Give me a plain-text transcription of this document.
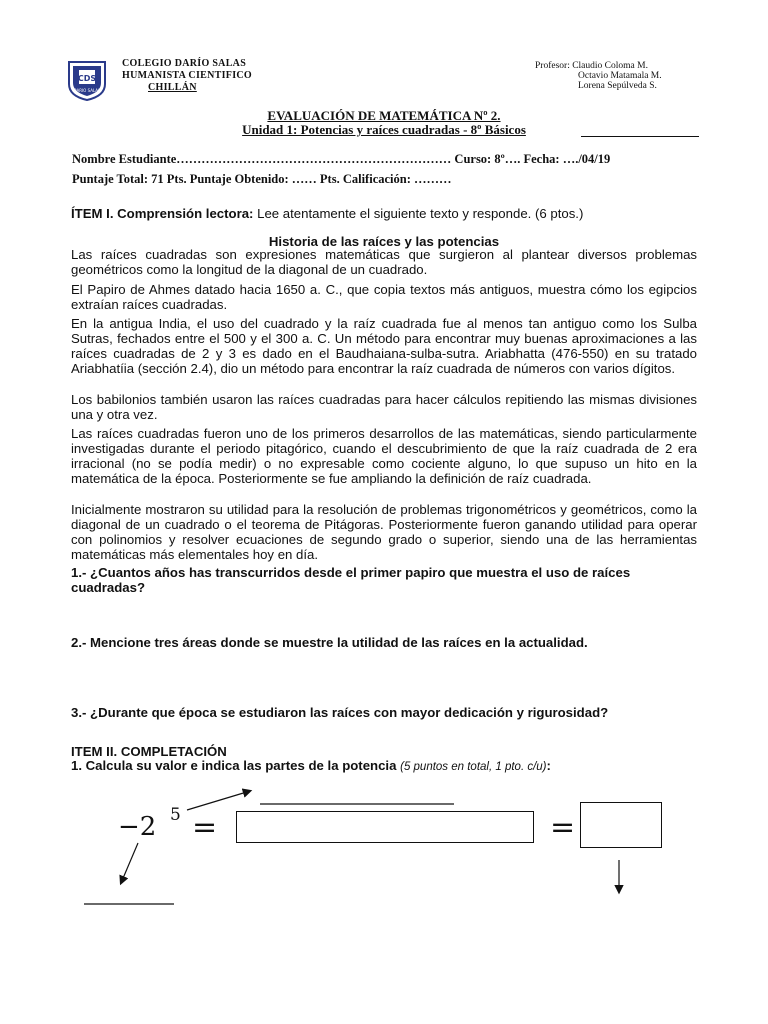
CDS
DARIO SALAS
COLEGIO DARÍO SALAS
HUMANISTA CIENTIFICO
CHILLÁN
Profesor: Claudio Coloma M.
Octavio Matamala M.
Lorena Sepúlveda S.
EVALUACIÓN DE MATEMÁTICA Nº 2.
Unidad 1: Potencias y raíces cuadradas - 8º Básicos
Nombre Estudiante………………………………………………………… Curso: 8º…. Fecha: …./04/19
Puntaje Total: 71 Pts. Puntaje Obtenido: …… Pts. Calificación: ………
ÍTEM I. Comprensión lectora: Lee atentamente el siguiente texto y responde. (6 ptos.)
Historia de las raíces y las potencias
Las raíces cuadradas son expresiones matemáticas que surgieron al plantear diversos problemas geométricos como la longitud de la diagonal de un cuadrado.
El Papiro de Ahmes datado hacia 1650 a. C., que copia textos más antiguos, muestra cómo los egipcios extraían raíces cuadradas.
En la antigua India, el uso del cuadrado y la raíz cuadrada fue al menos tan antiguo como los Sulba Sutras, fechados entre el 500 y el 300 a. C. Un método para encontrar muy buenas aproximaciones a las raíces cuadradas de 2 y 3 es dado en el Baudhaiana-sulba-sutra. Ariabhatta (476-550) en su tratado Ariabhatíia (sección 2.4), dio un método para encontrar la raíz cuadrada de números con varios dígitos.
Los babilonios también usaron las raíces cuadradas para hacer cálculos repitiendo las mismas divisiones una y otra vez.
Las raíces cuadradas fueron uno de los primeros desarrollos de las matemáticas, siendo particularmente investigadas durante el periodo pitagórico, cuando el descubrimiento de que la raíz cuadrada de 2 era irracional (no se podía medir) o no expresable como cociente alguno, lo que supuso un hito en la matemática de la época. Posteriormente se fue ampliando la definición de raíz cuadrada.
Inicialmente mostraron su utilidad para la resolución de problemas trigonométricos y geométricos, como la diagonal de un cuadrado o el teorema de Pitágoras. Posteriormente fueron ganando utilidad para operar con polinomios y resolver ecuaciones de segundo grado o superior, siendo una de las herramientas matemáticas más elementales hoy en día.
1.- ¿Cuantos años has transcurridos desde el primer papiro que muestra el uso de raíces cuadradas?
2.- Mencione tres áreas donde se muestre la utilidad de las raíces en la actualidad.
3.- ¿Durante que época se estudiaron las raíces con mayor dedicación y rigurosidad?
ITEM II. COMPLETACIÓN
1. Calcula su valor e indica las partes de la potencia (5 puntos en total, 1 pto. c/u):
−2 5 =	=
